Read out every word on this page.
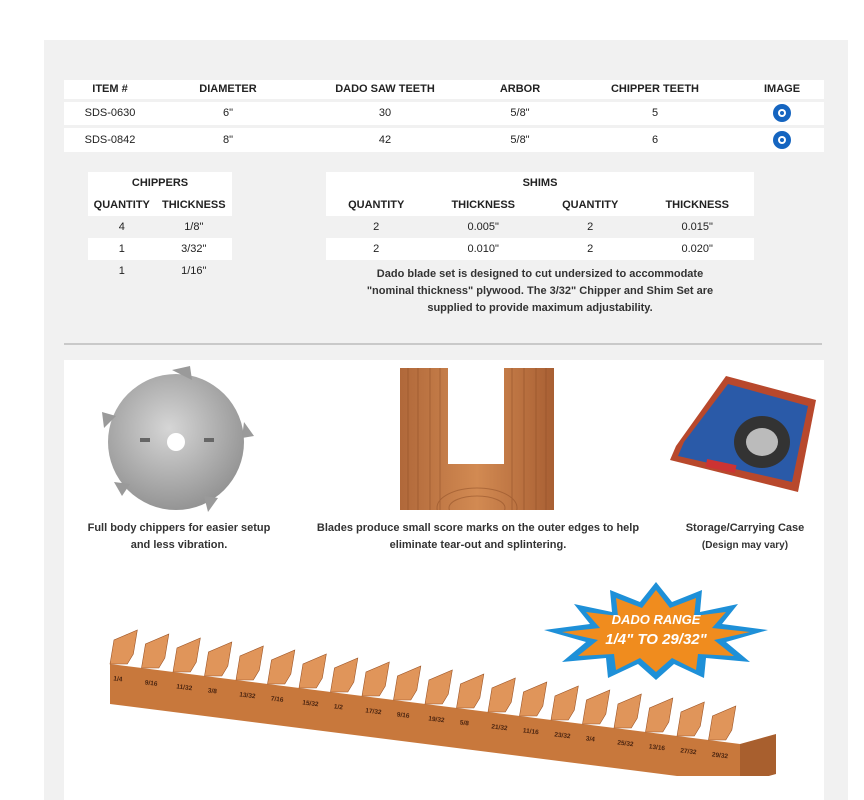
ITEM #	DIAMETER	DADO SAW TEETH	ARBOR	CHIPPER TEETH	IMAGE
SDS-0630	6"	30	5/8"	5	
SDS-0842	8"	42	5/8"	6	
CHIPPERS	
QUANTITY	THICKNESS
4	1/8"
1	3/32"
1	1/16"
SHIMS			
QUANTITY	THICKNESS	QUANTITY	THICKNESS
2	0.005"	2	0.015"
2	0.010"	2	0.020"
Dado blade set is designed to cut undersized to accommodate
"nominal thickness" plywood. The 3/32" Chipper and Shim Set are
supplied to provide maximum adjustability.
Full body chippers for easier setup
and less vibration.
Blades produce small score marks on the outer edges to help
eliminate tear-out and splintering.
Storage/Carrying Case
(Design may vary)
1/4	9/16	11/32 3/8	13/32 7/16	15/32 1/2	17/32 9/16	19/32 5/8	21/32 11/16 23/32 3/4	25/32 13/16 27/32 29/32
DADO RANGE
1/4" TO 29/32"
